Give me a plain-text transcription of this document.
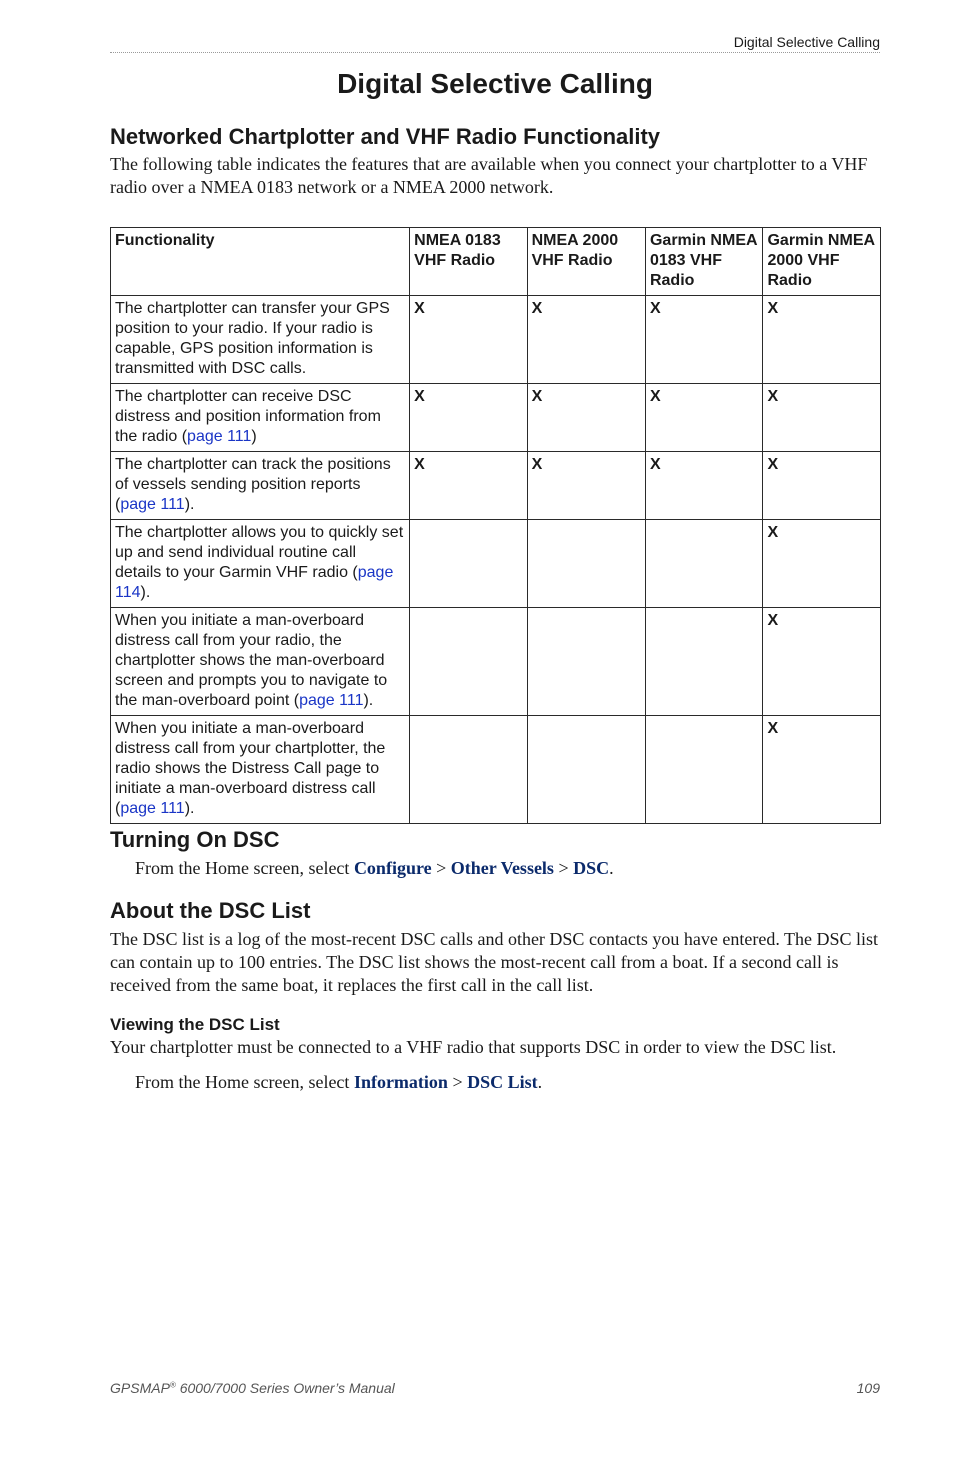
Digital Selective Calling
Digital Selective Calling
Networked Chartplotter and VHF Radio Functionality

The following table indicates the features that are available when you connect your chartplotter to a VHF radio over a NMEA 0183 network or a NMEA 2000 network.

Functionality	NMEA 0183 VHF Radio	NMEA 2000 VHF Radio	Garmin NMEA 0183 VHF Radio	Garmin NMEA 2000 VHF Radio
The chartplotter can transfer your GPS position to your radio. If your radio is capable, GPS position information is transmitted with DSC calls.	X	X	X	X
The chartplotter can receive DSC distress and position information from the radio (page 111)	X	X	X	X
The chartplotter can track the positions of vessels sending position reports (page 111).	X	X	X	X
The chartplotter allows you to quickly set up and send individual routine call details to your Garmin VHF radio (page 114).				X
When you initiate a man-overboard distress call from your radio, the chartplotter shows the man-overboard screen and prompts you to navigate to the man-overboard point (page 111).				X
When you initiate a man-overboard distress call from your chartplotter, the radio shows the Distress Call page to initiate a man-overboard distress call (page 111).				X
Turning On DSC

From the Home screen, select Configure > Other Vessels > DSC.

About the DSC List

The DSC list is a log of the most-recent DSC calls and other DSC contacts you have entered. The DSC list can contain up to 100 entries. The DSC list shows the most-recent call from a boat. If a second call is received from the same boat, it replaces the first call in the call list.

Viewing the DSC List

Your chartplotter must be connected to a VHF radio that supports DSC in order to view the DSC list.

From the Home screen, select Information > DSC List.

GPSMAP® 6000/7000 Series Owner’s Manual	109
